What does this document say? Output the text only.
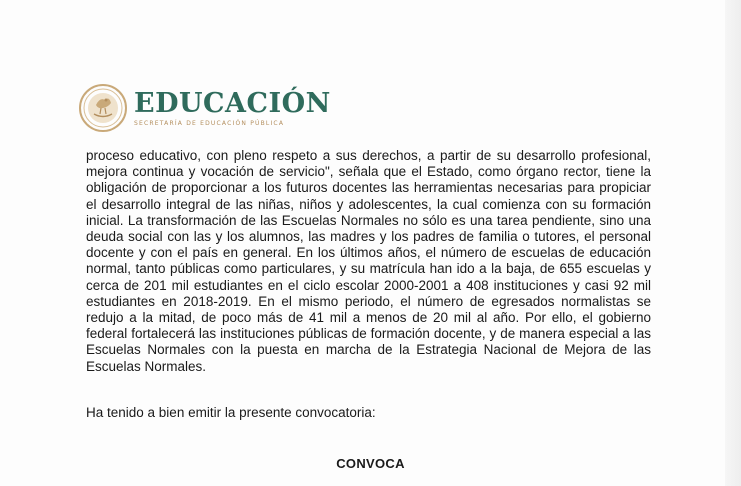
EDUCACIÓN
SECRETARÍA DE EDUCACIÓN PÚBLICA

proceso educativo, con pleno respeto a sus derechos, a partir de su desarrollo profesional, mejora continua y vocación de servicio", señala que el Estado, como órgano rector, tiene la obligación de proporcionar a los futuros docentes las herramientas necesarias para propiciar el desarrollo integral de las niñas, niños y adolescentes, la cual comienza con su formación inicial. La transformación de las Escuelas Normales no sólo es una tarea pendiente, sino una deuda social con las y los alumnos, las madres y los padres de familia o tutores, el personal docente y con el país en general. En los últimos años, el número de escuelas de educación normal, tanto públicas como particulares, y su matrícula han ido a la baja, de 655 escuelas y cerca de 201 mil estudiantes en el ciclo escolar 2000-2001 a 408 instituciones y casi 92 mil estudiantes en 2018-2019. En el mismo periodo, el número de egresados normalistas se redujo a la mitad, de poco más de 41 mil a menos de 20 mil al año. Por ello, el gobierno federal fortalecerá las instituciones públicas de formación docente, y de manera especial a las Escuelas Normales con la puesta en marcha de la Estrategia Nacional de Mejora de las Escuelas Normales.

Ha tenido a bien emitir la presente convocatoria:
CONVOCA
